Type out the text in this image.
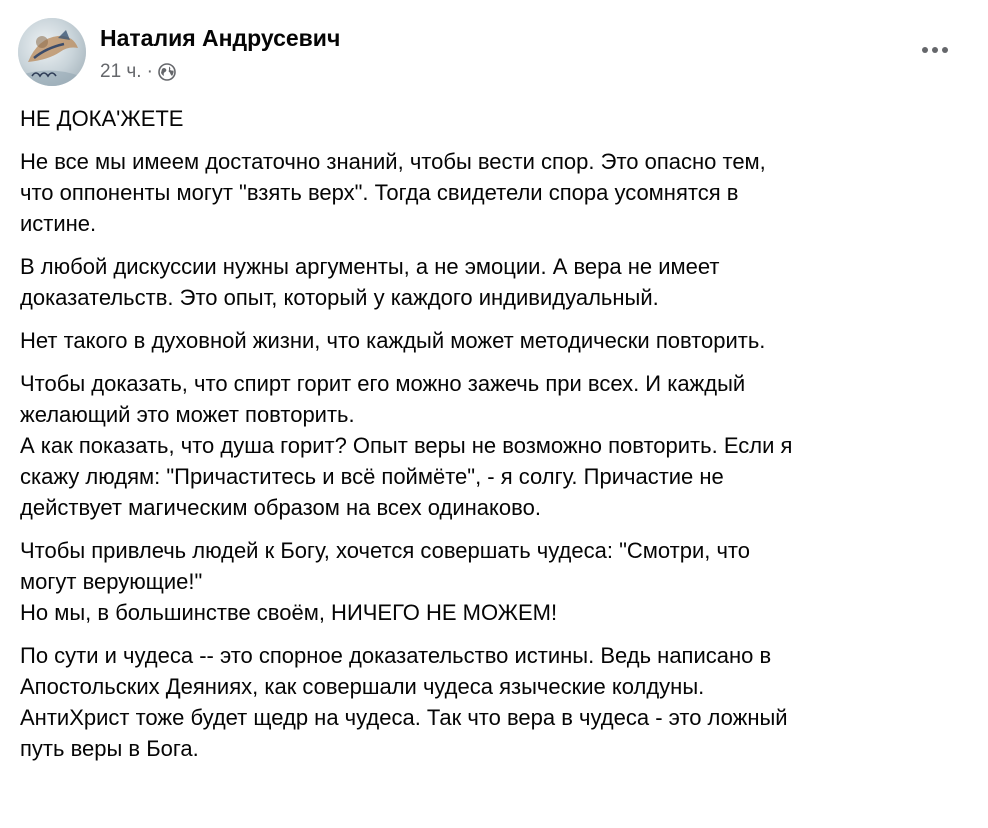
Наталия Андрусевич
21 ч. ·

НЕ ДОКА'ЖЕТЕ

Не все мы имеем достаточно знаний, чтобы вести спор. Это опасно тем,
что оппоненты могут "взять верх". Тогда свидетели спора усомнятся в
истине.

В любой дискуссии нужны аргументы, а не эмоции. А вера не имеет
доказательств. Это опыт, который у каждого индивидуальный.

Нет такого в духовной жизни, что каждый может методически повторить.

Чтобы доказать, что спирт горит его можно зажечь при всех. И каждый
желающий это может повторить.
А как показать, что душа горит? Опыт веры не возможно повторить. Если я
скажу людям: "Причаститесь и всё поймёте", - я солгу. Причастие не
действует магическим образом на всех одинаково.

Чтобы привлечь людей к Богу, хочется совершать чудеса: "Смотри, что
могут верующие!"
Но мы, в большинстве своём, НИЧЕГО НЕ МОЖЕМ!

По сути и чудеса -- это спорное доказательство истины. Ведь написано в
Апостольских Деяниях, как совершали чудеса языческие колдуны.
АнтиХрист тоже будет щедр на чудеса. Так что вера в чудеса - это ложный
путь веры в Бога.
